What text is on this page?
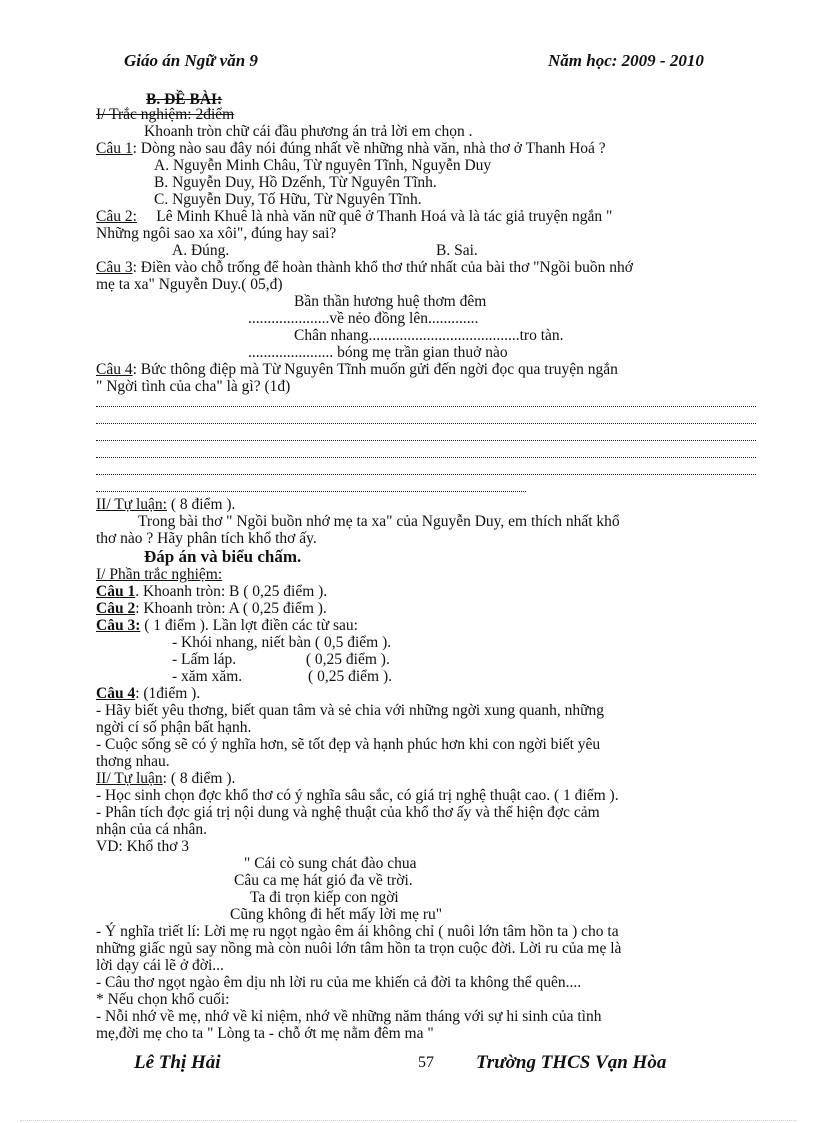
Giáo án Ngữ văn 9	Năm học: 2009 - 2010
B. ĐỀ BÀI:
I/ Trắc nghiệm: 2điểm
Khoanh tròn chữ cái đầu phương án trả lời em chọn .
Câu 1: Dòng nào sau đây nói đúng nhất về những nhà văn, nhà thơ ở Thanh Hoá ?
A. Nguyễn Minh Châu, Từ nguyên Tĩnh, Nguyễn Duy
B. Nguyễn Duy, Hồ Dzếnh, Từ Nguyên Tĩnh.
C. Nguyễn Duy, Tố Hữu, Từ Nguyên Tĩnh.
Câu 2:     Lê Minh Khuê là nhà văn nữ quê ở Thanh Hoá và là tác giả truyện ngắn "
Những ngôi sao xa xôi", đúng hay sai?
A. Đúng.	B. Sai.
Câu 3: Điền vào chỗ trống để hoàn thành khổ thơ thứ nhất của bài thơ "Ngồi buồn nhớ
mẹ ta xa" Nguyễn Duy.( 05,đ)
Bần thần hương huệ thơm đêm
.....................về nẻo đồng lên.............
Chân nhang.......................................tro tàn.
...................... bóng mẹ trần gian thuở nào
Câu 4: Bức thông điệp mà Từ Nguyên Tĩnh muốn gửi đến ngời đọc qua truyện ngắn
" Ngời tình của cha" là gì? (1đ)
II/ Tự luận: ( 8 điểm ).
Trong bài thơ " Ngồi buồn nhớ mẹ ta xa" của Nguyễn Duy, em thích nhất khổ
thơ nào ? Hãy phân tích khổ thơ ấy.
Đáp án và biểu chấm.
I/ Phần trắc nghiệm:
Câu 1. Khoanh tròn: B ( 0,25 điểm ).
Câu 2: Khoanh tròn: A ( 0,25 điểm ).
Câu 3: ( 1 điểm ). Lần lợt điền các từ sau:
- Khói nhang, niết bàn ( 0,5 điểm ).
- Lấm láp.                  ( 0,25 điểm ).
- xăm xăm.                 ( 0,25 điểm ).
Câu 4: (1điểm ).
- Hãy biết yêu thơng, biết quan tâm và sẻ chia với những ngời xung quanh, những
ngời cí số phận bất hạnh.
- Cuộc sống sẽ có ý nghĩa hơn, sẽ tốt đẹp và hạnh phúc hơn khi con ngời biết yêu
thơng nhau.
II/ Tự luận: ( 8 điểm ).
- Học sinh chọn đợc khổ thơ có ý nghĩa sâu sắc, có giá trị nghệ thuật cao. ( 1 điểm ).
- Phân tích đợc giá trị nội dung và nghệ thuật của khổ thơ ấy và thể hiện đợc cảm
nhận của cá nhân.
VD: Khổ thơ 3
" Cái cò sung chát đào chua
Câu ca mẹ hát gió đa về trời.
Ta đi trọn kiếp con ngời
Cũng không đi hết mấy lời mẹ ru"
- Ý nghĩa triết lí: Lời mẹ ru ngọt ngào êm ái không chỉ ( nuôi lớn tâm hồn ta ) cho ta
những giấc ngủ say nồng mà còn nuôi lớn tâm hồn ta trọn cuộc đời. Lời ru của mẹ là
lời dạy cái lẽ ở đời...
- Câu thơ ngọt ngào êm dịu nh lời ru của me khiến cả đời ta không thể quên....
* Nếu chọn khổ cuối:
- Nỗi nhớ về mẹ, nhớ về kỉ niệm, nhớ về những năm tháng với sự hi sinh của tình
mẹ,đời mẹ cho ta " Lòng ta - chỗ ớt mẹ nằm đêm ma "
Lê Thị Hải	57 Trường THCS Vạn Hòa
